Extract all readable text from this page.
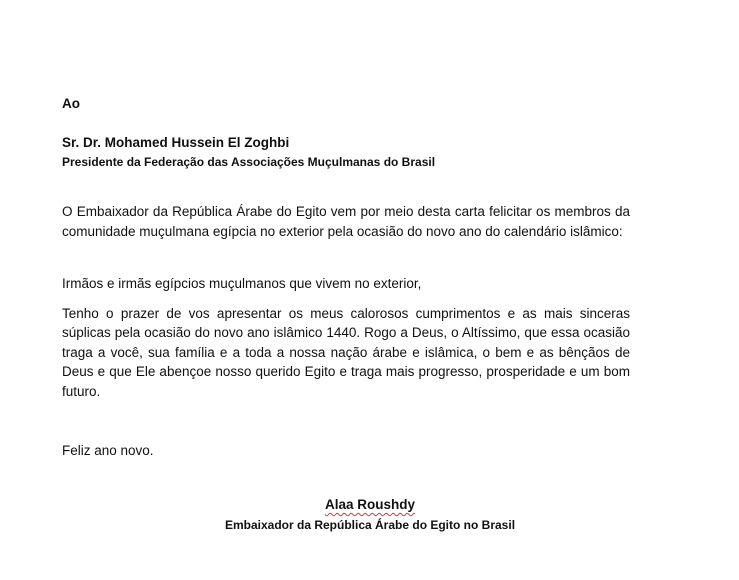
Ao
Sr. Dr. Mohamed Hussein El Zoghbi
Presidente da Federação das Associações Muçulmanas do Brasil

O Embaixador da República Árabe do Egito vem por meio desta carta felicitar os membros da comunidade muçulmana egípcia no exterior pela ocasião do novo ano do calendário islâmico:

Irmãos e irmãs egípcios muçulmanos que vivem no exterior,

Tenho o prazer de vos apresentar os meus calorosos cumprimentos e as mais sinceras súplicas pela ocasião do novo ano islâmico 1440. Rogo a Deus, o Altíssimo, que essa ocasião traga a você, sua família e a toda a nossa nação árabe e islâmica, o bem e as bênçãos de Deus e que Ele abençoe nosso querido Egito e traga mais progresso, prosperidade e um bom futuro.

Feliz ano novo.

Alaa Roushdy
Embaixador da República Árabe do Egito no Brasil
